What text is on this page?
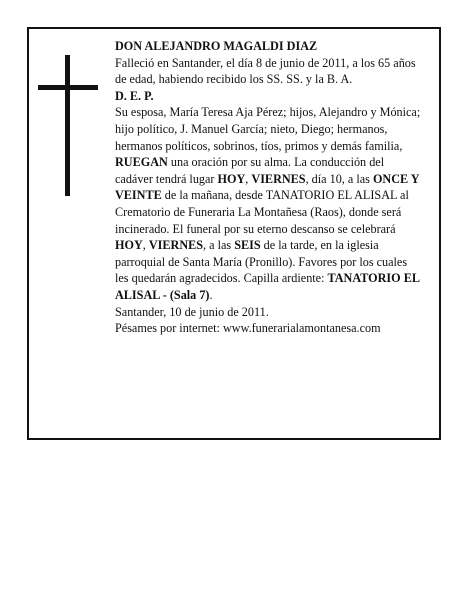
DON ALEJANDRO MAGALDI DIAZ

Falleció en Santander, el día 8 de junio de 2011, a los 65 años de edad, habiendo recibido los SS. SS. y la B. A.

D. E. P.

Su esposa, María Teresa Aja Pérez; hijos, Alejandro y Mónica; hijo político, J. Manuel García; nieto, Diego; hermanos, hermanos políticos, sobrinos, tíos, primos y demás familia,

RUEGAN una oración por su alma. La conducción del cadáver tendrá lugar HOY, VIERNES, día 10, a las ONCE Y VEINTE de la mañana, desde TANATORIO EL ALISAL al Crematorio de Funeraria La Montañesa (Raos), donde será incinerado. El funeral por su eterno descanso se celebrará HOY, VIERNES, a las SEIS de la tarde, en la iglesia parroquial de Santa María (Pronillo). Favores por los cuales les quedarán agradecidos. Capilla ardiente: TANATORIO EL ALISAL - (Sala 7).

Santander, 10 de junio de 2011.

Pésames por internet: www.funerarialamontanesa.com
